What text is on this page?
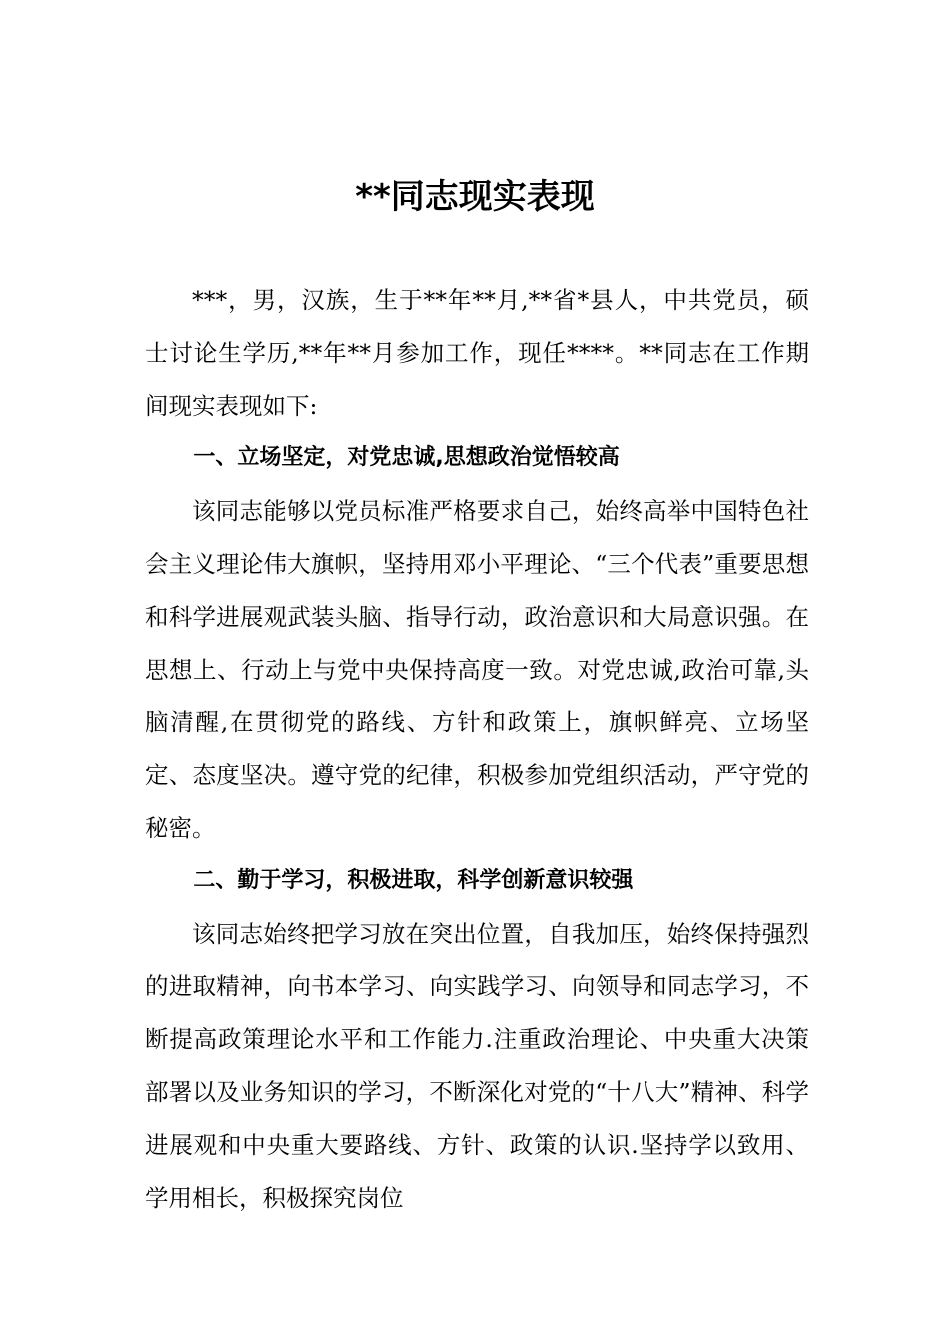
**同志现实表现

***，男，汉族，生于**年**月,**省*县人，中共党员，硕士讨论生学历,**年**月参加工作，现任****。**同志在工作期间现实表现如下:

一、立场坚定，对党忠诚,思想政治觉悟较高

该同志能够以党员标准严格要求自己，始终高举中国特色社会主义理论伟大旗帜，坚持用邓小平理论、“三个代表”重要思想和科学进展观武装头脑、指导行动，政治意识和大局意识强。在思想上、行动上与党中央保持高度一致。对党忠诚,政治可靠,头脑清醒,在贯彻党的路线、方针和政策上，旗帜鲜亮、立场坚定、态度坚决。遵守党的纪律，积极参加党组织活动，严守党的秘密。

二、勤于学习，积极进取，科学创新意识较强

该同志始终把学习放在突出位置，自我加压，始终保持强烈的进取精神，向书本学习、向实践学习、向领导和同志学习，不断提高政策理论水平和工作能力.注重政治理论、中央重大决策部署以及业务知识的学习，不断深化对党的“十八大”精神、科学进展观和中央重大要路线、方针、政策的认识.坚持学以致用、学用相长，积极探究岗位
